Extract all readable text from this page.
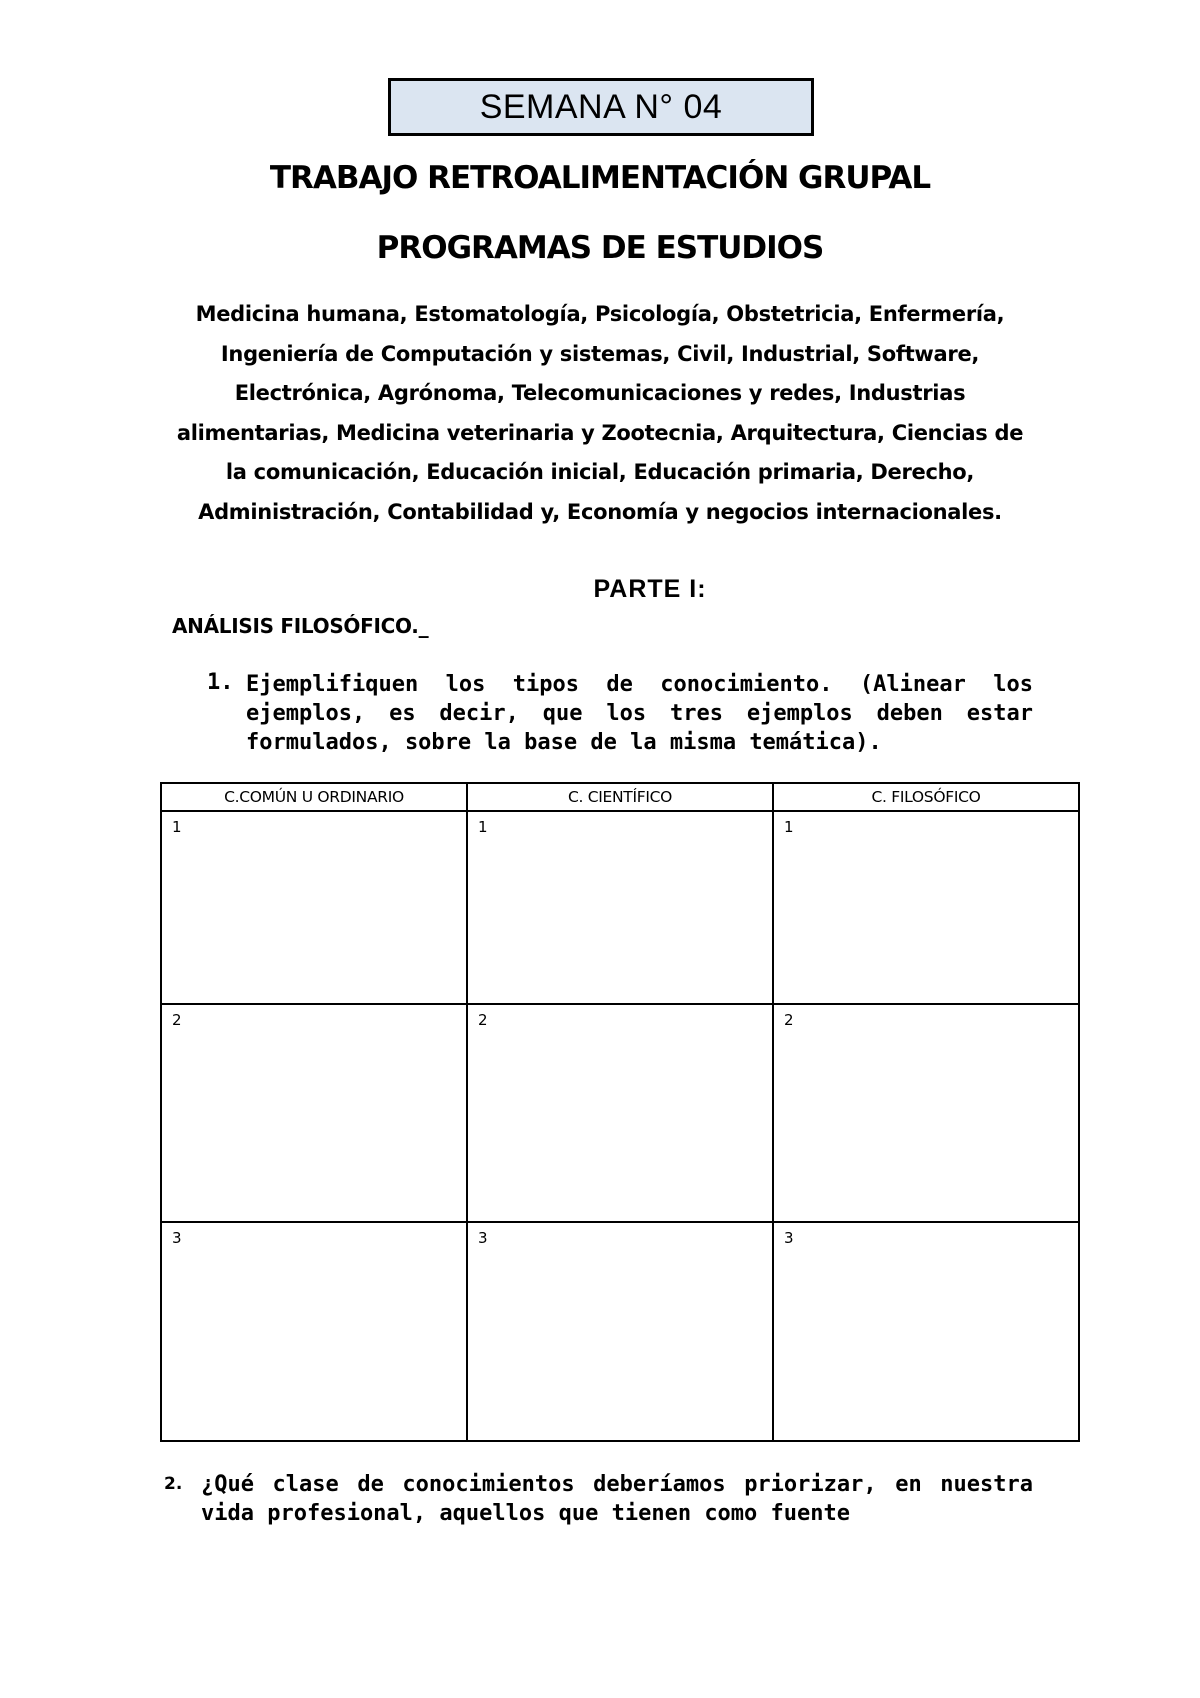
SEMANA N° 04
TRABAJO RETROALIMENTACIÓN GRUPAL
PROGRAMAS DE ESTUDIOS
Medicina humana, Estomatología, Psicología, Obstetricia, Enfermería,
Ingeniería de Computación y sistemas, Civil, Industrial, Software,
Electrónica, Agrónoma, Telecomunicaciones y redes, Industrias
alimentarias, Medicina veterinaria y Zootecnia, Arquitectura, Ciencias de
la comunicación, Educación inicial, Educación primaria, Derecho,
Administración, Contabilidad y, Economía y negocios internacionales.
PARTE I:
ANÁLISIS FILOSÓFICO._
1. Ejemplifiquen los tipos de conocimiento. (Alinear los ejemplos, es decir, que los tres ejemplos deben estar formulados, sobre la base de la misma temática).
C.COMÚN U ORDINARIO	C. CIENTÍFICO	C. FILOSÓFICO
1	1	1
2	2	2
3	3	3
2. ¿Qué clase de conocimientos deberíamos priorizar, en nuestra vida profesional, aquellos que tienen como fuente
